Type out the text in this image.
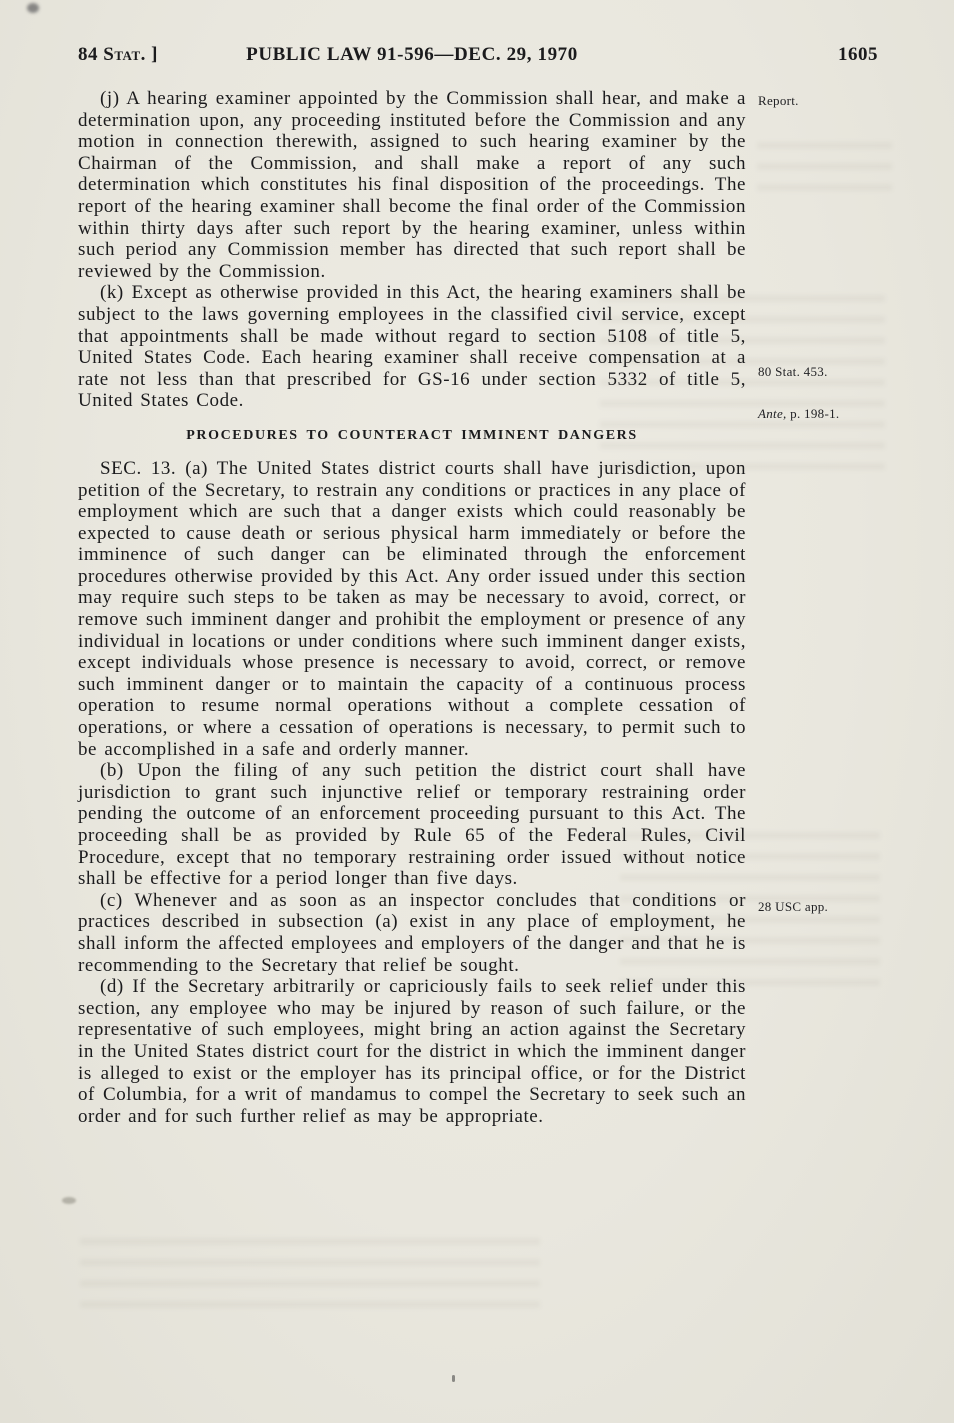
84 Stat. ]	PUBLIC LAW 91-596—DEC. 29, 1970	1605

(j) A hearing examiner appointed by the Commission shall hear, and make a determination upon, any proceeding instituted before the Commission and any motion in connection therewith, assigned to such hearing examiner by the Chairman of the Commission, and shall make a report of any such determination which constitutes his final disposition of the proceedings. The report of the hearing examiner shall become the final order of the Commission within thirty days after such report by the hearing examiner, unless within such period any Commission member has directed that such report shall be reviewed by the Commission.

(k) Except as otherwise provided in this Act, the hearing examiners shall be subject to the laws governing employees in the classified civil service, except that appointments shall be made without regard to section 5108 of title 5, United States Code. Each hearing examiner shall receive compensation at a rate not less than that prescribed for GS-16 under section 5332 of title 5, United States Code.

PROCEDURES TO COUNTERACT IMMINENT DANGERS

SEC. 13. (a) The United States district courts shall have jurisdiction, upon petition of the Secretary, to restrain any conditions or practices in any place of employment which are such that a danger exists which could reasonably be expected to cause death or serious physical harm immediately or before the imminence of such danger can be eliminated through the enforcement procedures otherwise provided by this Act. Any order issued under this section may require such steps to be taken as may be necessary to avoid, correct, or remove such imminent danger and prohibit the employment or presence of any individual in locations or under conditions where such imminent danger exists, except individuals whose presence is necessary to avoid, correct, or remove such imminent danger or to maintain the capacity of a continuous process operation to resume normal operations without a complete cessation of operations, or where a cessation of operations is necessary, to permit such to be accomplished in a safe and orderly manner.

(b) Upon the filing of any such petition the district court shall have jurisdiction to grant such injunctive relief or temporary restraining order pending the outcome of an enforcement proceeding pursuant to this Act. The proceeding shall be as provided by Rule 65 of the Federal Rules, Civil Procedure, except that no temporary restraining order issued without notice shall be effective for a period longer than five days.

(c) Whenever and as soon as an inspector concludes that conditions or practices described in subsection (a) exist in any place of employment, he shall inform the affected employees and employers of the danger and that he is recommending to the Secretary that relief be sought.

(d) If the Secretary arbitrarily or capriciously fails to seek relief under this section, any employee who may be injured by reason of such failure, or the representative of such employees, might bring an action against the Secretary in the United States district court for the district in which the imminent danger is alleged to exist or the employer has its principal office, or for the District of Columbia, for a writ of mandamus to compel the Secretary to seek such an order and for such further relief as may be appropriate.

Report.
80 Stat. 453.
Ante, p. 198-1.
28 USC app.
